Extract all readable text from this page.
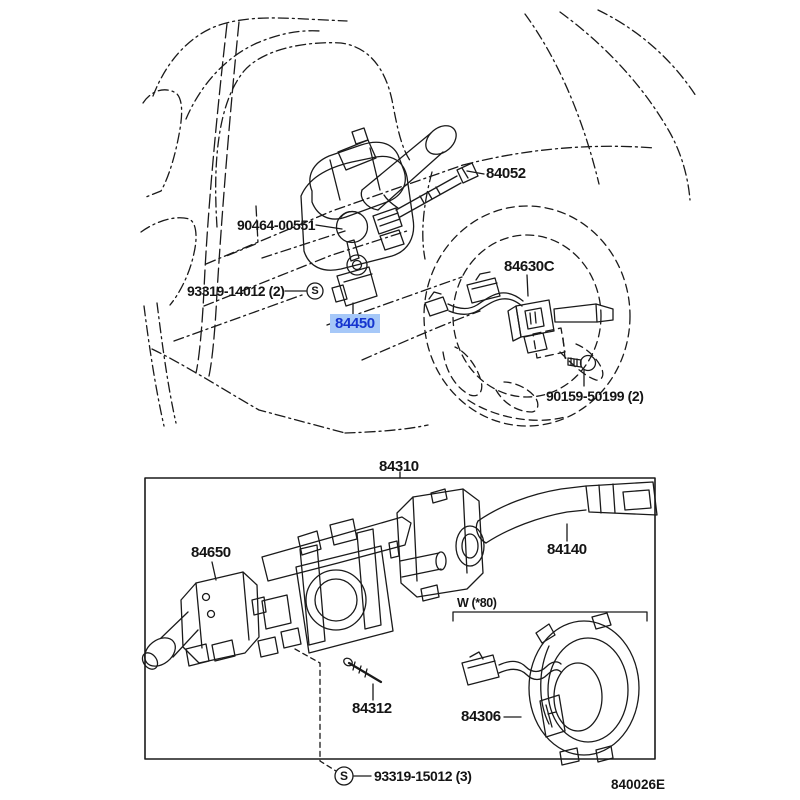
84052
90464-00551
93319-14012 (2)
84450
84630C
90159-50199 (2)
84310
84650	84140
W (*80)
84312	84306
93319-15012 (3)
840026E
S
S
